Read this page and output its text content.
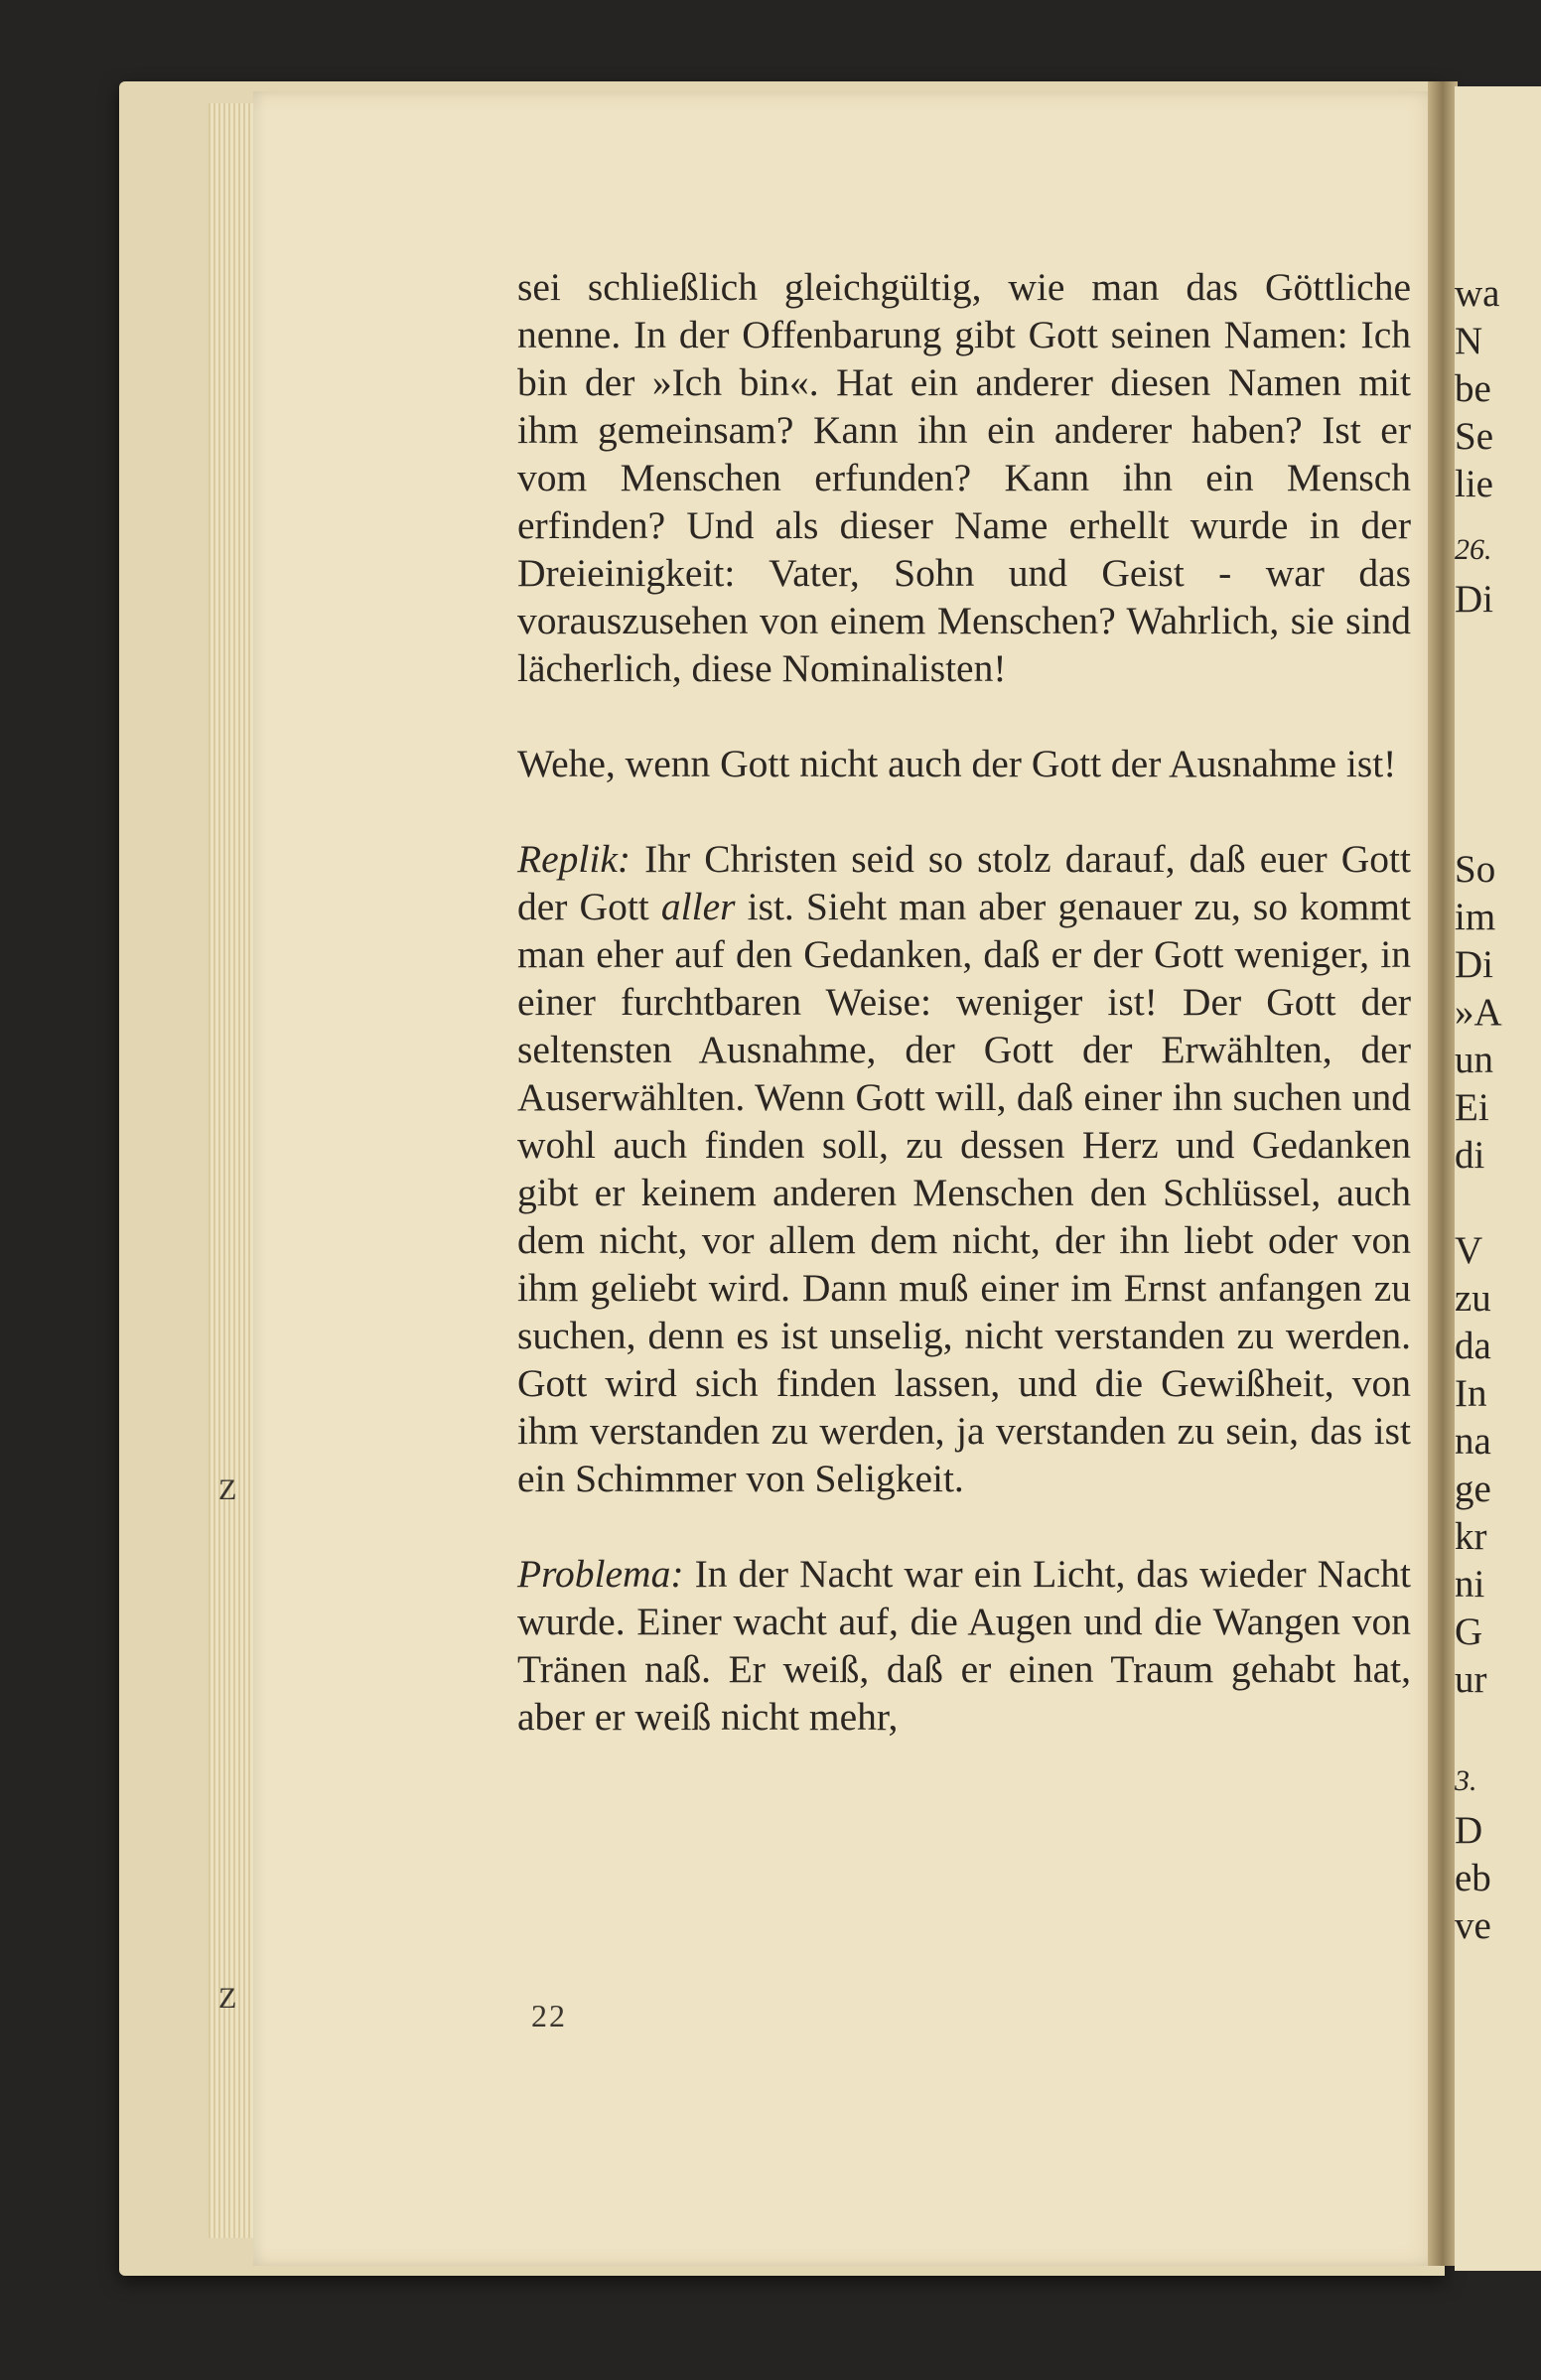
wa
N
be
Se
lie
26.
Di
So
im
Di
»A
un
Ei
di
V
zu
da
In
na
ge
kr
ni
G
ur
3.
D
eb
ve
Z
Z

sei schließlich gleichgültig, wie man das Göttliche nenne. In der Offenbarung gibt Gott seinen Namen: Ich bin der »Ich bin«. Hat ein anderer diesen Namen mit ihm gemeinsam? Kann ihn ein anderer haben? Ist er vom Menschen erfunden? Kann ihn ein Mensch erfinden? Und als dieser Name erhellt wurde in der Dreieinigkeit: Vater, Sohn und Geist - war das vorauszusehen von einem Menschen? Wahrlich, sie sind lächerlich, diese Nominalisten!

Wehe, wenn Gott nicht auch der Gott der Ausnahme ist!

Replik: Ihr Christen seid so stolz darauf, daß euer Gott der Gott aller ist. Sieht man aber genauer zu, so kommt man eher auf den Gedanken, daß er der Gott weniger, in einer furchtbaren Weise: weniger ist! Der Gott der seltensten Ausnahme, der Gott der Erwählten, der Auserwählten. Wenn Gott will, daß einer ihn suchen und wohl auch finden soll, zu dessen Herz und Gedanken gibt er keinem anderen Menschen den Schlüssel, auch dem nicht, vor allem dem nicht, der ihn liebt oder von ihm geliebt wird. Dann muß einer im Ernst anfangen zu suchen, denn es ist unselig, nicht verstanden zu werden. Gott wird sich finden lassen, und die Gewißheit, von ihm verstanden zu werden, ja verstanden zu sein, das ist ein Schimmer von Seligkeit.

Problema: In der Nacht war ein Licht, das wieder Nacht wurde. Einer wacht auf, die Augen und die Wangen von Tränen naß. Er weiß, daß er einen Traum gehabt hat, aber er weiß nicht mehr,

22
